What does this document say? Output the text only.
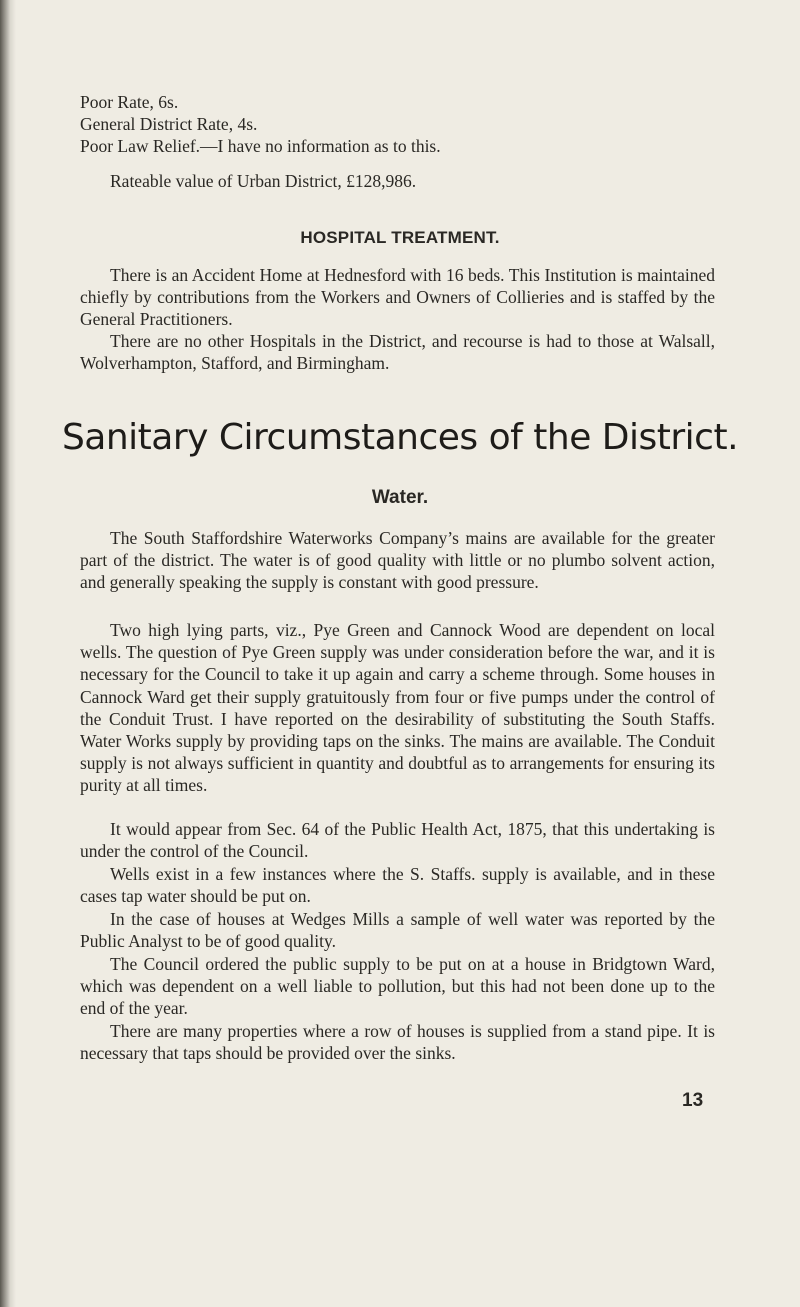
Poor Rate, 6s.
General District Rate, 4s.
Poor Law Relief.—I have no information as to this.
Rateable value of Urban District, £128,986.
HOSPITAL TREATMENT.

There is an Accident Home at Hednesford with 16 beds. This Institution is maintained chiefly by contributions from the Workers and Owners of Collieries and is staffed by the General Practitioners.

There are no other Hospitals in the District, and recourse is had to those at Walsall, Wolverhampton, Stafford, and Birmingham.

Sanitary Circumstances of the District.
Water.

The South Staffordshire Waterworks Company’s mains are available for the greater part of the district. The water is of good quality with little or no plumbo solvent action, and generally speaking the supply is constant with good pressure.

Two high lying parts, viz., Pye Green and Cannock Wood are dependent on local wells. The question of Pye Green supply was under consideration before the war, and it is necessary for the Council to take it up again and carry a scheme through. Some houses in Cannock Ward get their supply gratuitously from four or five pumps under the control of the Conduit Trust. I have reported on the desirability of substituting the South Staffs. Water Works supply by providing taps on the sinks. The mains are available. The Conduit supply is not always sufficient in quantity and doubtful as to arrangements for ensuring its purity at all times.

It would appear from Sec. 64 of the Public Health Act, 1875, that this undertaking is under the control of the Council.

Wells exist in a few instances where the S. Staffs. supply is available, and in these cases tap water should be put on.

In the case of houses at Wedges Mills a sample of well water was reported by the Public Analyst to be of good quality.

The Council ordered the public supply to be put on at a house in Bridgtown Ward, which was dependent on a well liable to pollution, but this had not been done up to the end of the year.

There are many properties where a row of houses is supplied from a stand pipe. It is necessary that taps should be provided over the sinks.

13
